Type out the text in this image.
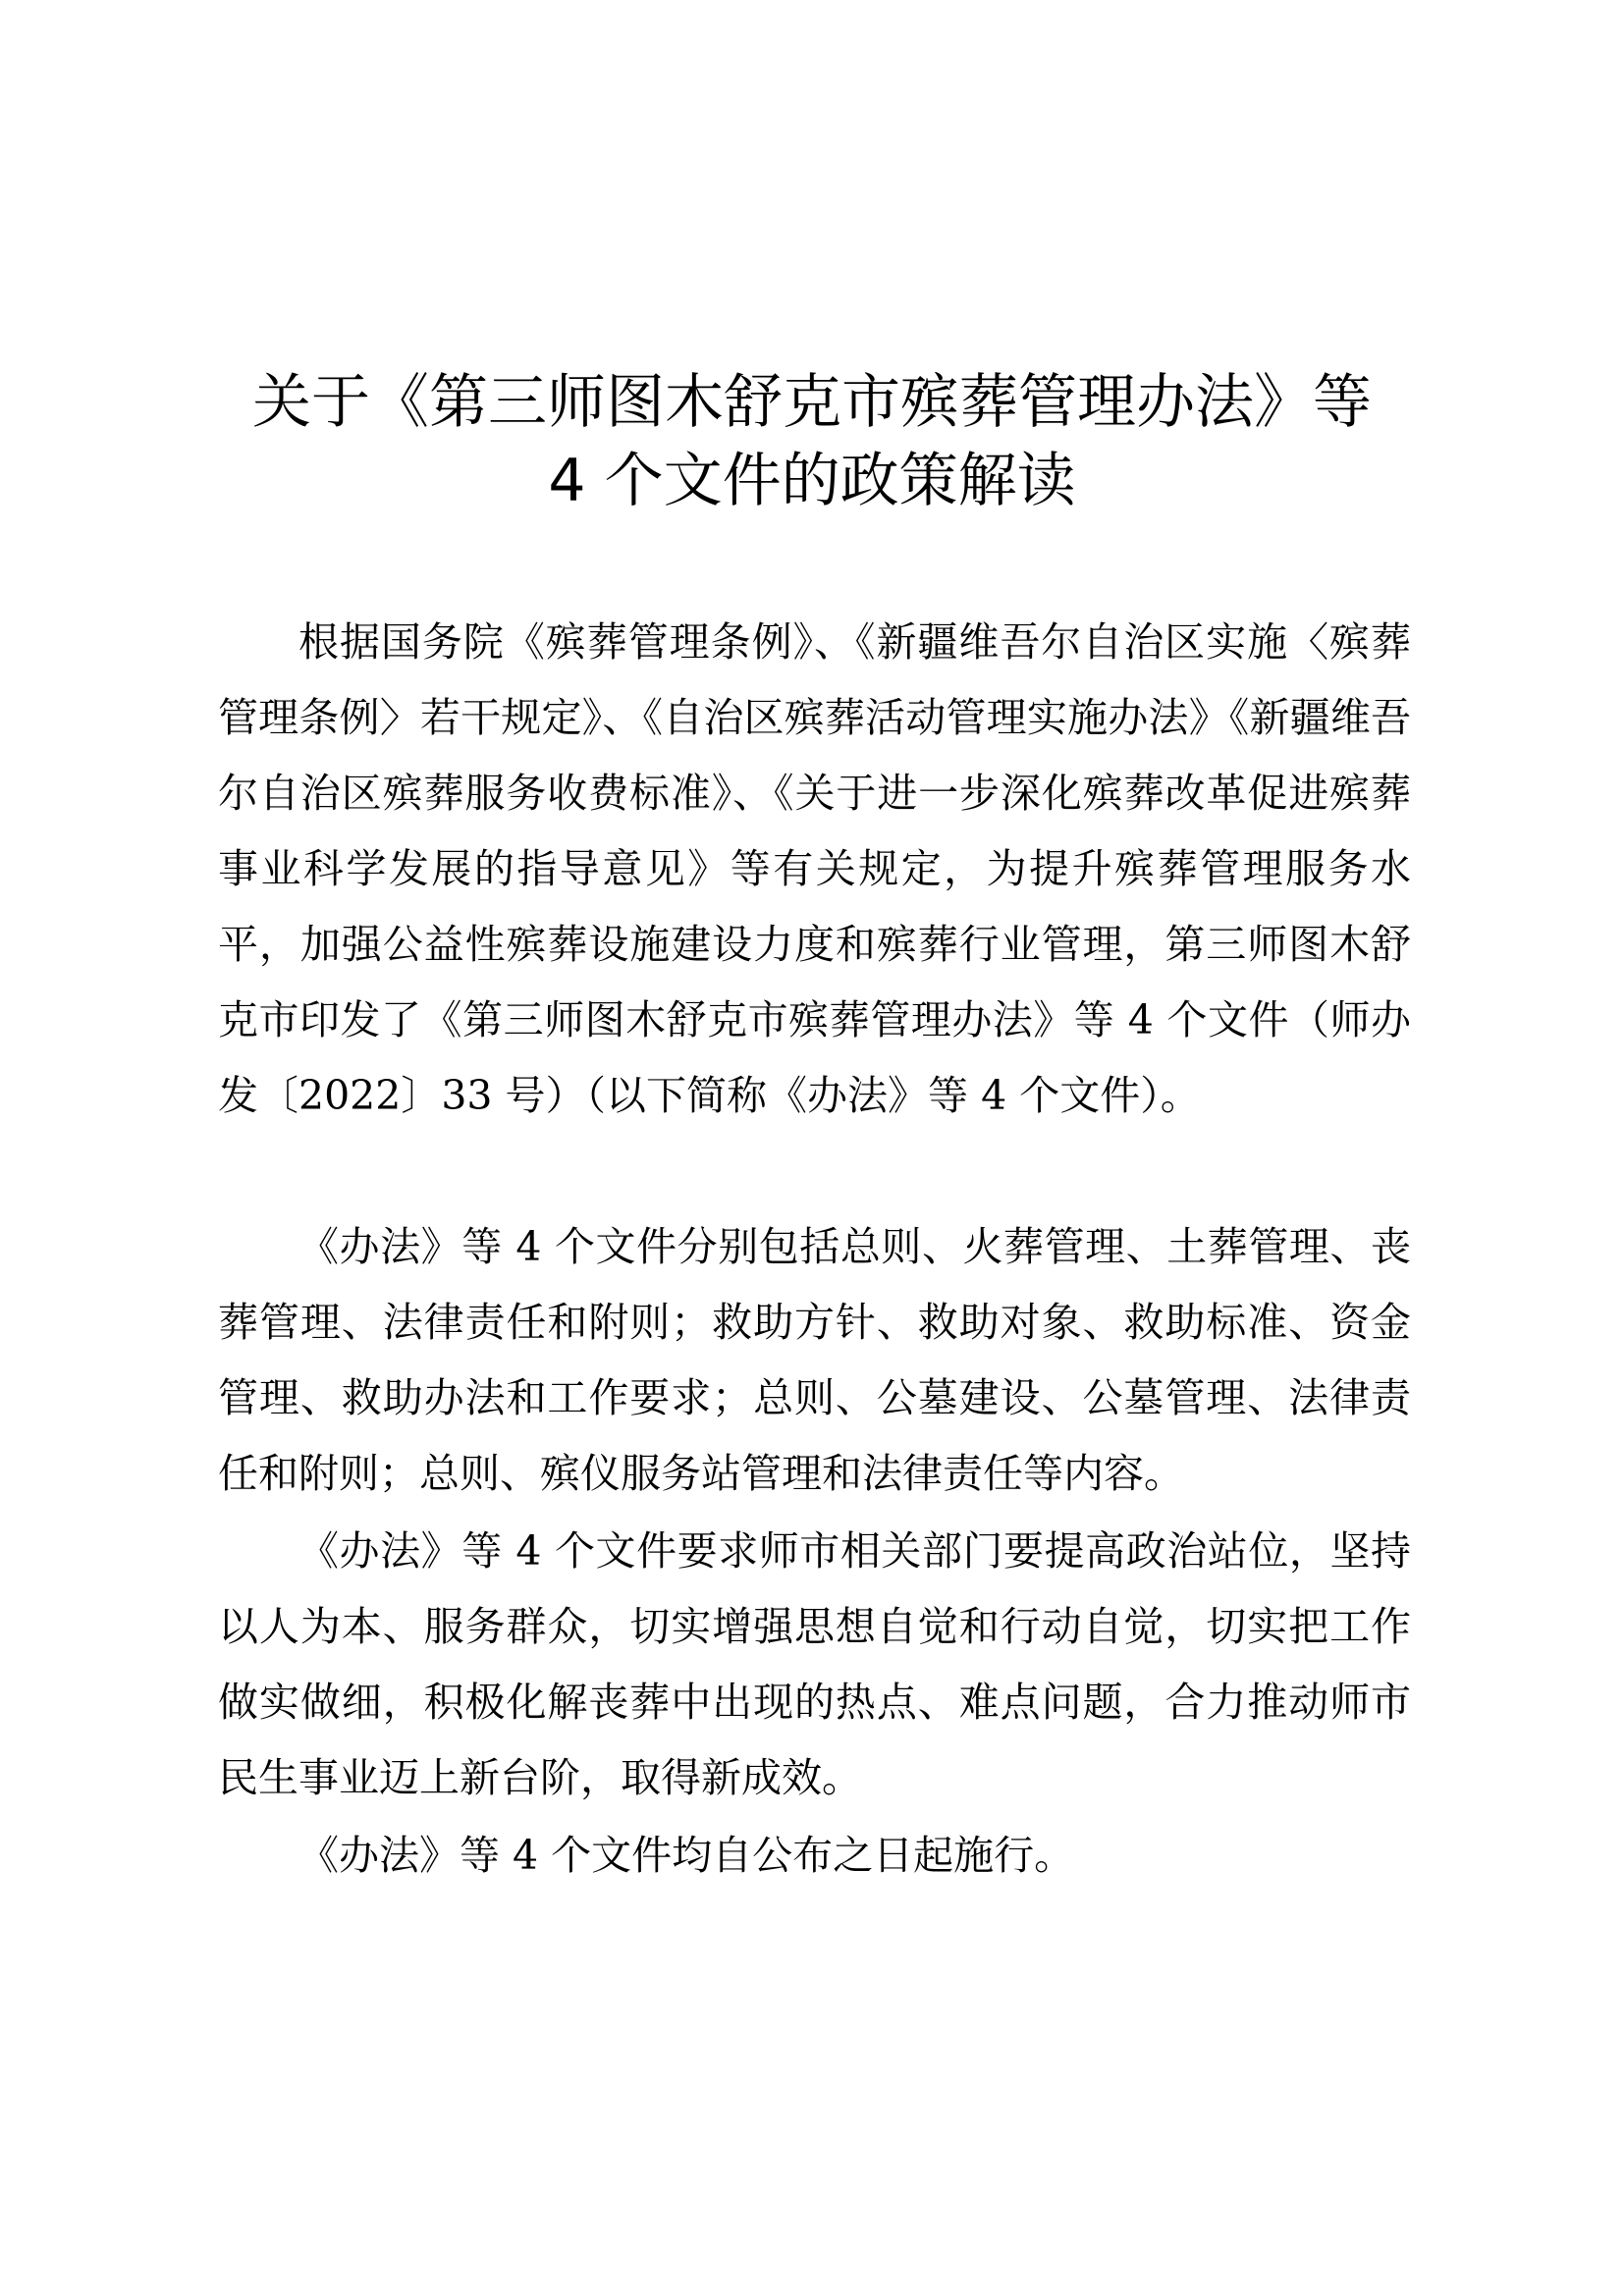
关于《第三师图木舒克市殡葬管理办法》等
4 个文件的政策解读

根据国务院《殡葬管理条例》、《新疆维吾尔自治区实施〈殡葬管理条例〉若干规定》、《自治区殡葬活动管理实施办法》《新疆维吾尔自治区殡葬服务收费标准》、《关于进一步深化殡葬改革促进殡葬事业科学发展的指导意见》等有关规定，为提升殡葬管理服务水平，加强公益性殡葬设施建设力度和殡葬行业管理，第三师图木舒克市印发了《第三师图木舒克市殡葬管理办法》等 4 个文件（师办发〔2022〕33 号）（以下简称《办法》等 4 个文件）。

《办法》等 4 个文件分别包括总则、火葬管理、土葬管理、丧葬管理、法律责任和附则；救助方针、救助对象、救助标准、资金管理、救助办法和工作要求；总则、公墓建设、公墓管理、法律责任和附则；总则、殡仪服务站管理和法律责任等内容。

《办法》等 4 个文件要求师市相关部门要提高政治站位，坚持以人为本、服务群众，切实增强思想自觉和行动自觉，切实把工作做实做细，积极化解丧葬中出现的热点、难点问题，合力推动师市民生事业迈上新台阶，取得新成效。

《办法》等 4 个文件均自公布之日起施行。
